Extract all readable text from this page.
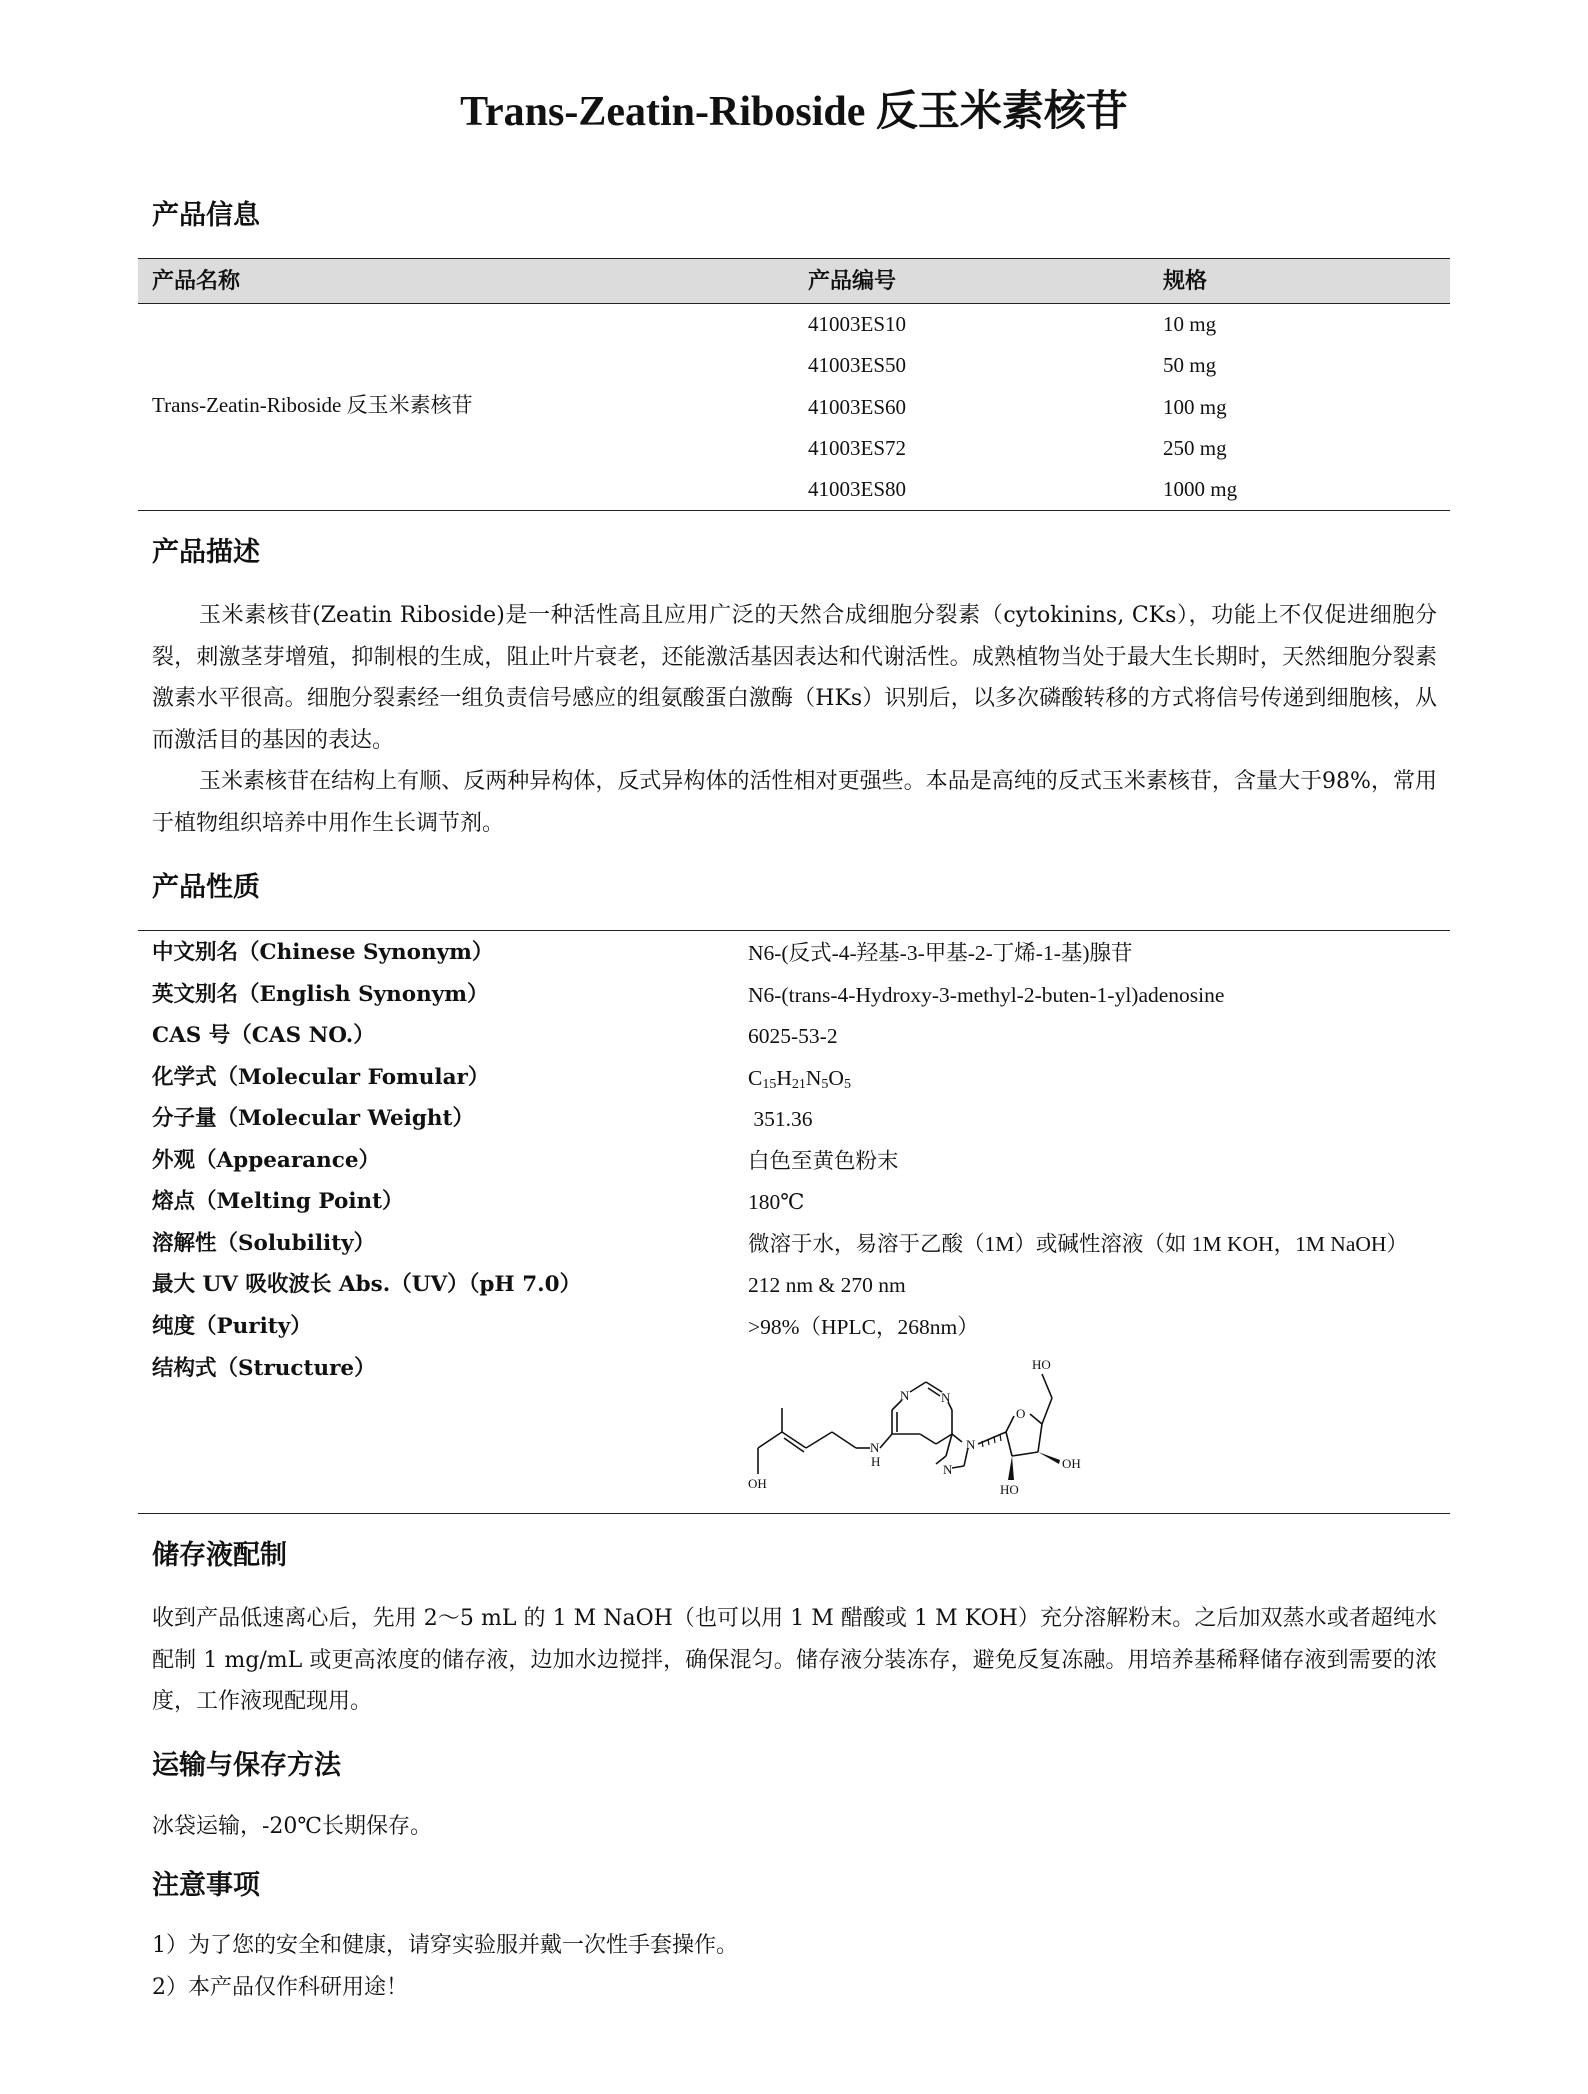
Trans-Zeatin-Riboside 反玉米素核苷
产品信息
产品名称	产品编号	规格
Trans-Zeatin-Riboside 反玉米素核苷
41003ES10	10 mg
41003ES50	50 mg
41003ES60	100 mg
41003ES72	250 mg
41003ES80	1000 mg
产品描述
玉米素核苷(Zeatin Riboside)是一种活性高且应用广泛的天然合成细胞分裂素（cytokinins, CKs），功能上不仅促进细胞分裂，刺激茎芽增殖，抑制根的生成，阻止叶片衰老，还能激活基因表达和代谢活性。成熟植物当处于最大生长期时，天然细胞分裂素激素水平很高。细胞分裂素经一组负责信号感应的组氨酸蛋白激酶（HKs）识别后，以多次磷酸转移的方式将信号传递到细胞核，从而激活目的基因的表达。
玉米素核苷在结构上有顺、反两种异构体，反式异构体的活性相对更强些。本品是高纯的反式玉米素核苷，含量大于98%，常用于植物组织培养中用作生长调节剂。
产品性质
中文别名（Chinese Synonym）	N6-(反式-4-羟基-3-甲基-2-丁烯-1-基)腺苷
英文别名（English Synonym）	N6-(trans-4-Hydroxy-3-methyl-2-buten-1-yl)adenosine
CAS 号（CAS NO.）	6025-53-2
化学式（Molecular Fomular）	$C_{15}H_{21}N_5O_5$
分子量（Molecular Weight）	351.36
外观（Appearance）	白色至黄色粉末
熔点（Melting Point）	180℃
溶解性（Solubility）	微溶于水，易溶于乙酸（1M）或碱性溶液（如 1M KOH，1M NaOH）
最大 UV 吸收波长 Abs.（UV）（pH 7.0）	212 nm & 270 nm
纯度（Purity）	>98%（HPLC，268nm）
结构式（Structure）	HO
O
N N
N
N
N
H
OH
OH
HO
储存液配制
收到产品低速离心后，先用 2～5 mL 的 1 M NaOH（也可以用 1 M 醋酸或 1 M KOH）充分溶解粉末。之后加双蒸水或者超纯水配制 1 mg/mL 或更高浓度的储存液，边加水边搅拌，确保混匀。储存液分装冻存，避免反复冻融。用培养基稀释储存液到需要的浓度，工作液现配现用。
运输与保存方法
冰袋运输，-20℃长期保存。
注意事项
1）为了您的安全和健康，请穿实验服并戴一次性手套操作。
2）本产品仅作科研用途！
